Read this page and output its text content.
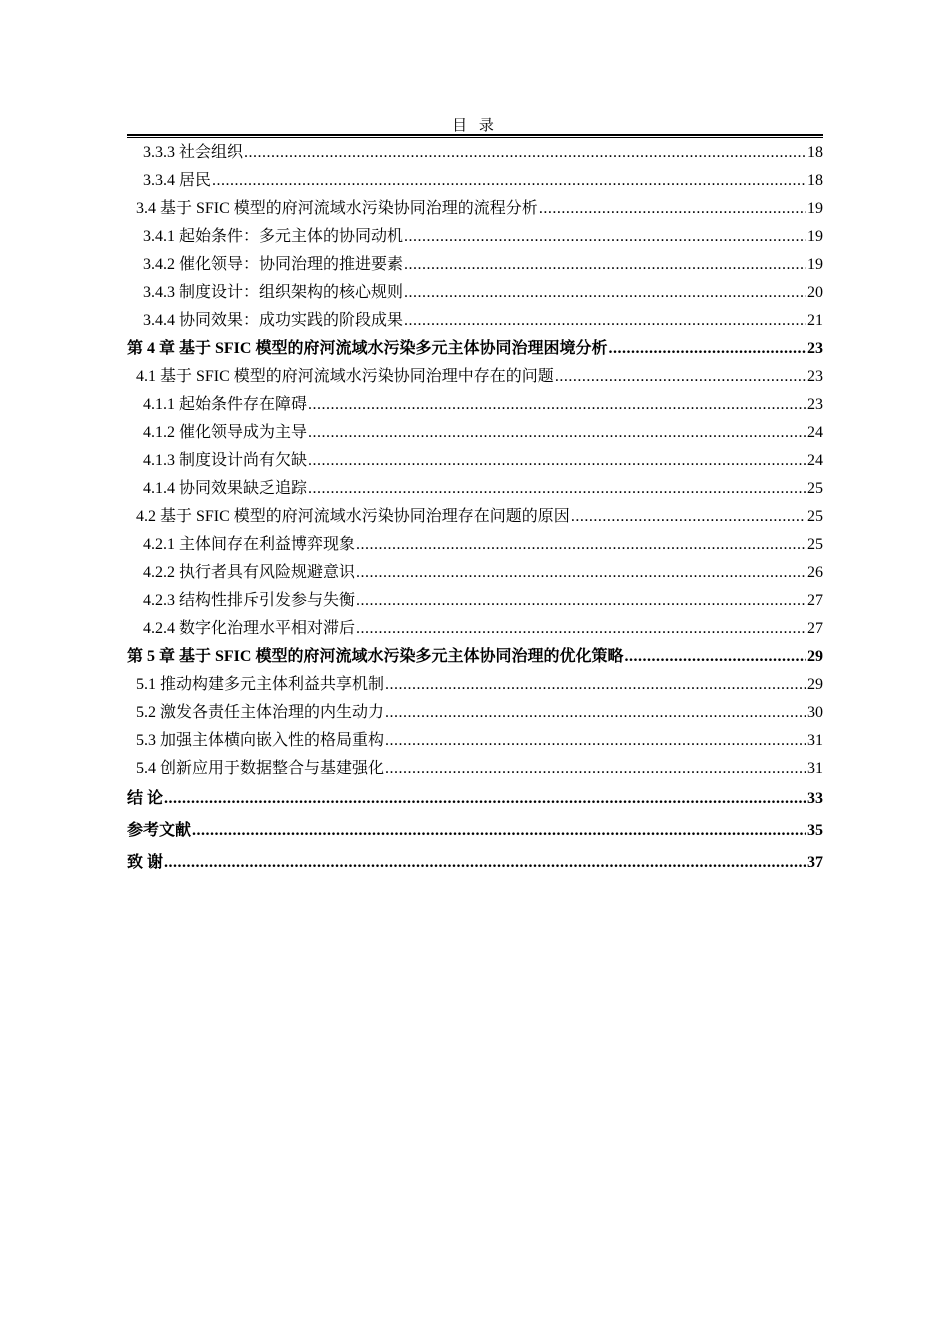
目 录
3.3.3 社会组织 .....	18
3.3.4 居民 .....	18
3.4 基于 SFIC 模型的府河流域水污染协同治理的流程分析 .....	19
3.4.1 起始条件：多元主体的协同动机 .....	19
3.4.2 催化领导：协同治理的推进要素 .....	19
3.4.3 制度设计：组织架构的核心规则 .....	20
3.4.4 协同效果：成功实践的阶段成果 .....	21
第 4 章 基于 SFIC 模型的府河流域水污染多元主体协同治理困境分析 .....	23
4.1 基于 SFIC 模型的府河流域水污染协同治理中存在的问题 .....	23
4.1.1 起始条件存在障碍 .....	23
4.1.2 催化领导成为主导 .....	24
4.1.3 制度设计尚有欠缺 .....	24
4.1.4 协同效果缺乏追踪 .....	25
4.2 基于 SFIC 模型的府河流域水污染协同治理存在问题的原因 .....	25
4.2.1 主体间存在利益博弈现象 .....	25
4.2.2 执行者具有风险规避意识 .....	26
4.2.3 结构性排斥引发参与失衡 .....	27
4.2.4 数字化治理水平相对滞后 .....	27
第 5 章 基于 SFIC 模型的府河流域水污染多元主体协同治理的优化策略 .....	29
5.1 推动构建多元主体利益共享机制 .....	29
5.2 激发各责任主体治理的内生动力 .....	30
5.3 加强主体横向嵌入性的格局重构 .....	31
5.4 创新应用于数据整合与基建强化 .....	31
结 论 .....	33
参考文献 .....	35
致 谢 .....	37
